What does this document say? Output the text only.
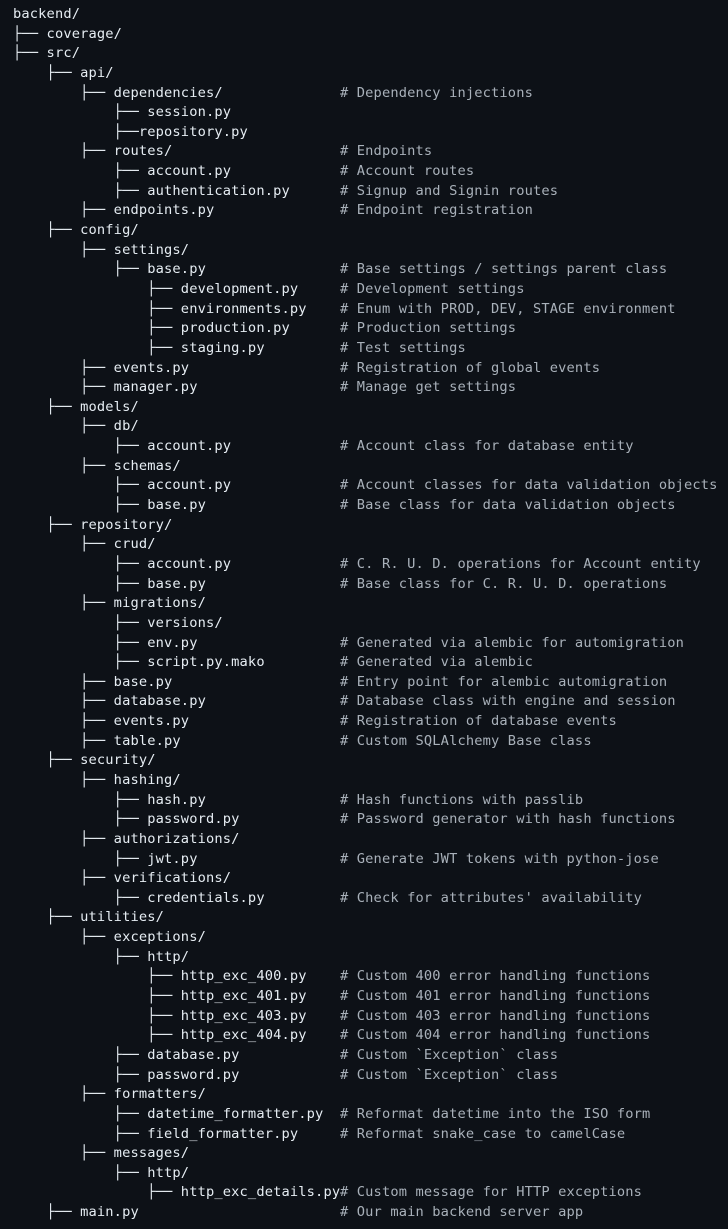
backend/
├── coverage/
├── src/
├── api/
├── dependencies/	# Dependency injections
├── session.py
├──repository.py
├── routes/	# Endpoints
├── account.py	# Account routes
├── authentication.py	# Signup and Signin routes
├── endpoints.py	# Endpoint registration
├── config/
├── settings/
├── base.py	# Base settings / settings parent class
├── development.py	# Development settings
├── environments.py # Enum with PROD, DEV, STAGE environment
├── production.py	# Production settings
├── staging.py	# Test settings
├── events.py	# Registration of global events
├── manager.py	# Manage get settings
├── models/
├── db/
├── account.py	# Account class for database entity
├── schemas/
├── account.py	# Account classes for data validation objects
├── base.py	# Base class for data validation objects
├── repository/
├── crud/
├── account.py	# C. R. U. D. operations for Account entity
├── base.py	# Base class for C. R. U. D. operations
├── migrations/
├── versions/
├── env.py	# Generated via alembic for automigration
├── script.py.mako	# Generated via alembic
├── base.py	# Entry point for alembic automigration
├── database.py	# Database class with engine and session
├── events.py	# Registration of database events
├── table.py	# Custom SQLAlchemy Base class
├── security/
├── hashing/
├── hash.py	# Hash functions with passlib
├── password.py	# Password generator with hash functions
├── authorizations/
├── jwt.py	# Generate JWT tokens with python-jose
├── verifications/
├── credentials.py	# Check for attributes' availability
├── utilities/
├── exceptions/
├── http/
├── http_exc_400.py # Custom 400 error handling functions
├── http_exc_401.py # Custom 401 error handling functions
├── http_exc_403.py # Custom 403 error handling functions
├── http_exc_404.py # Custom 404 error handling functions
├── database.py	# Custom `Exception` class
├── password.py	# Custom `Exception` class
├── formatters/
├── datetime_formatter.py # Reformat datetime into the ISO form
├── field_formatter.py	# Reformat snake_case to camelCase
├── messages/
├── http/
├── http_exc_details.py # Custom message for HTTP exceptions
├── main.py	# Our main backend server app
